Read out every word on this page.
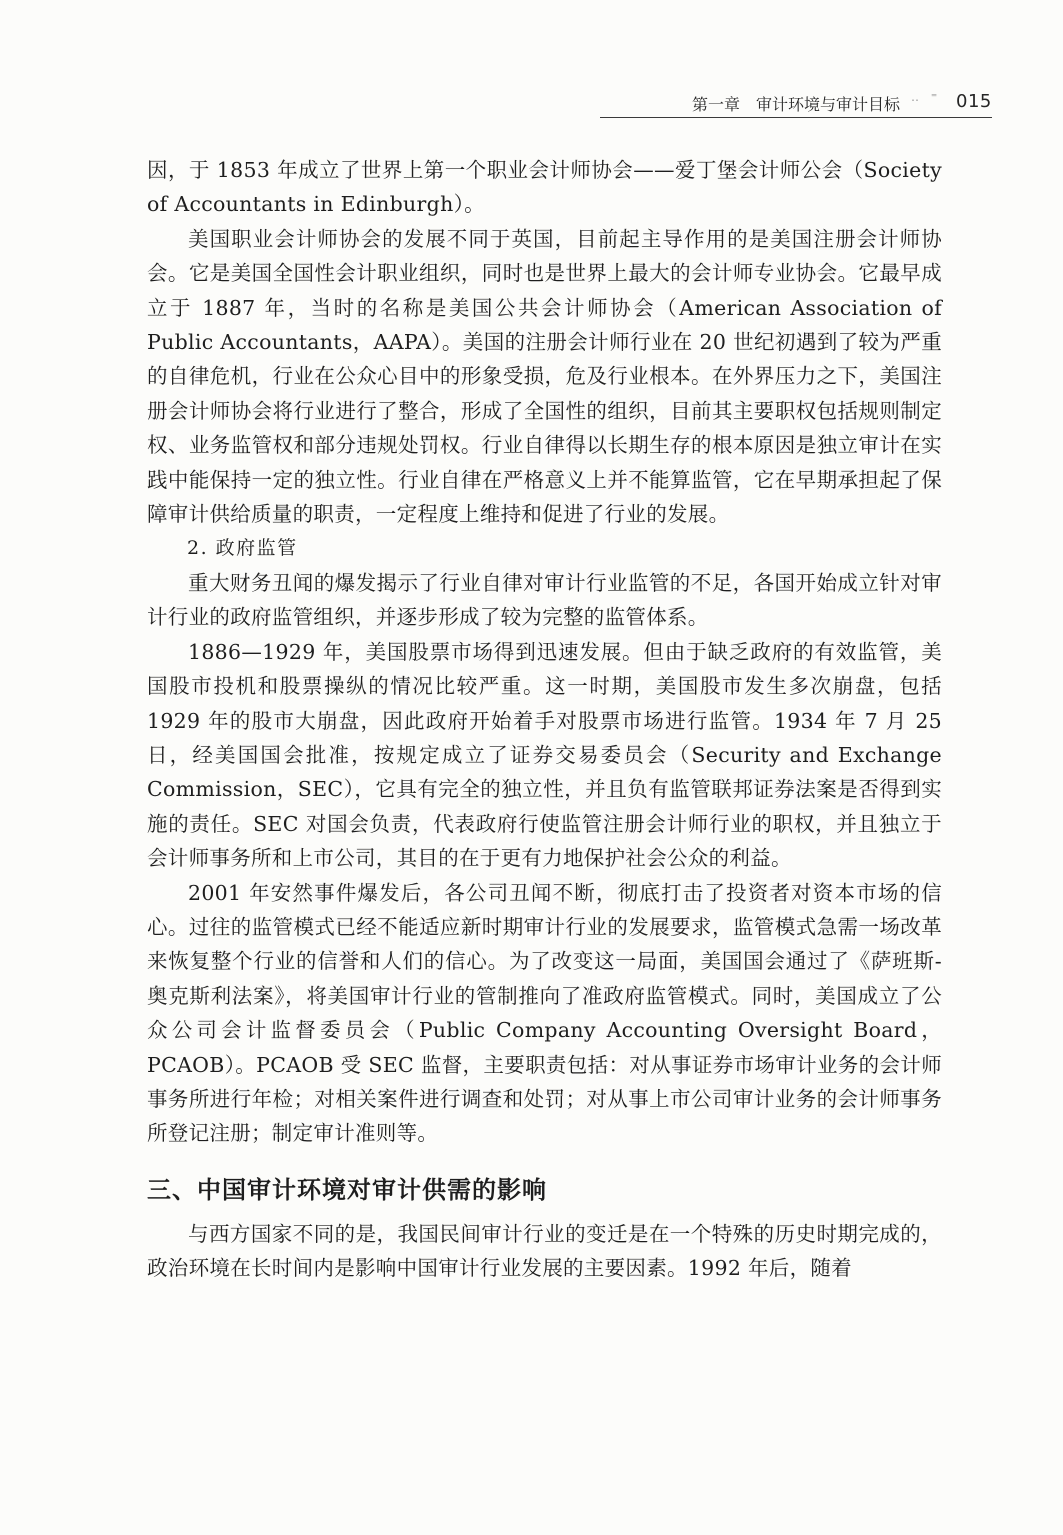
第一章　审计环境与审计目标 ‥ ⁼ 015

因，于 1853 年成立了世界上第一个职业会计师协会——爱丁堡会计师公会（Society of Accountants in Edinburgh）。

美国职业会计师协会的发展不同于英国，目前起主导作用的是美国注册会计师协会。它是美国全国性会计职业组织，同时也是世界上最大的会计师专业协会。它最早成立于 1887 年，当时的名称是美国公共会计师协会（American Association of Public Accountants，AAPA）。美国的注册会计师行业在 20 世纪初遇到了较为严重的自律危机，行业在公众心目中的形象受损，危及行业根本。在外界压力之下，美国注册会计师协会将行业进行了整合，形成了全国性的组织，目前其主要职权包括规则制定权、业务监管权和部分违规处罚权。行业自律得以长期生存的根本原因是独立审计在实践中能保持一定的独立性。行业自律在严格意义上并不能算监管，它在早期承担起了保障审计供给质量的职责，一定程度上维持和促进了行业的发展。

2. 政府监管

重大财务丑闻的爆发揭示了行业自律对审计行业监管的不足，各国开始成立针对审计行业的政府监管组织，并逐步形成了较为完整的监管体系。

1886—1929 年，美国股票市场得到迅速发展。但由于缺乏政府的有效监管，美国股市投机和股票操纵的情况比较严重。这一时期，美国股市发生多次崩盘，包括 1929 年的股市大崩盘，因此政府开始着手对股票市场进行监管。1934 年 7 月 25 日，经美国国会批准，按规定成立了证券交易委员会（Security and Exchange Commission，SEC），它具有完全的独立性，并且负有监管联邦证券法案是否得到实施的责任。SEC 对国会负责，代表政府行使监管注册会计师行业的职权，并且独立于会计师事务所和上市公司，其目的在于更有力地保护社会公众的利益。

2001 年安然事件爆发后，各公司丑闻不断，彻底打击了投资者对资本市场的信心。过往的监管模式已经不能适应新时期审计行业的发展要求，监管模式急需一场改革来恢复整个行业的信誉和人们的信心。为了改变这一局面，美国国会通过了《萨班斯-奥克斯利法案》，将美国审计行业的管制推向了准政府监管模式。同时，美国成立了公众公司会计监督委员会（Public Company Accounting Oversight Board，PCAOB）。PCAOB 受 SEC 监督，主要职责包括：对从事证券市场审计业务的会计师事务所进行年检；对相关案件进行调查和处罚；对从事上市公司审计业务的会计师事务所登记注册；制定审计准则等。

三、中国审计环境对审计供需的影响

与西方国家不同的是，我国民间审计行业的变迁是在一个特殊的历史时期完成的，政治环境在长时间内是影响中国审计行业发展的主要因素。1992 年后，随着
